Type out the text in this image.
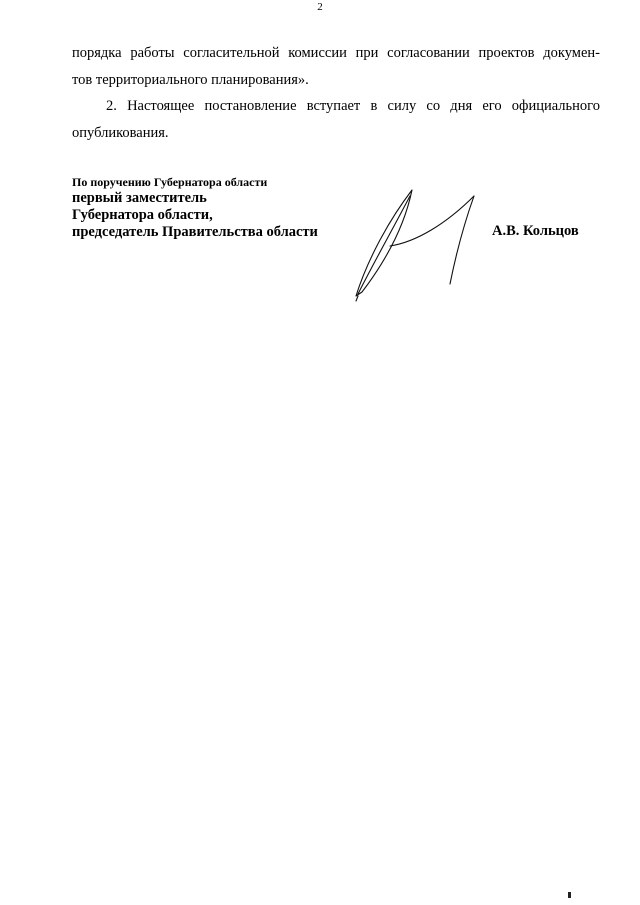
2

порядка работы согласительной комиссии при согласовании проектов докумен-
тов территориального планирования».

2. Настоящее постановление вступает в силу со дня его официального
опубликования.

По поручению Губернатора области
первый заместитель
Губернатора области,
председатель Правительства области	А.В. Кольцов
